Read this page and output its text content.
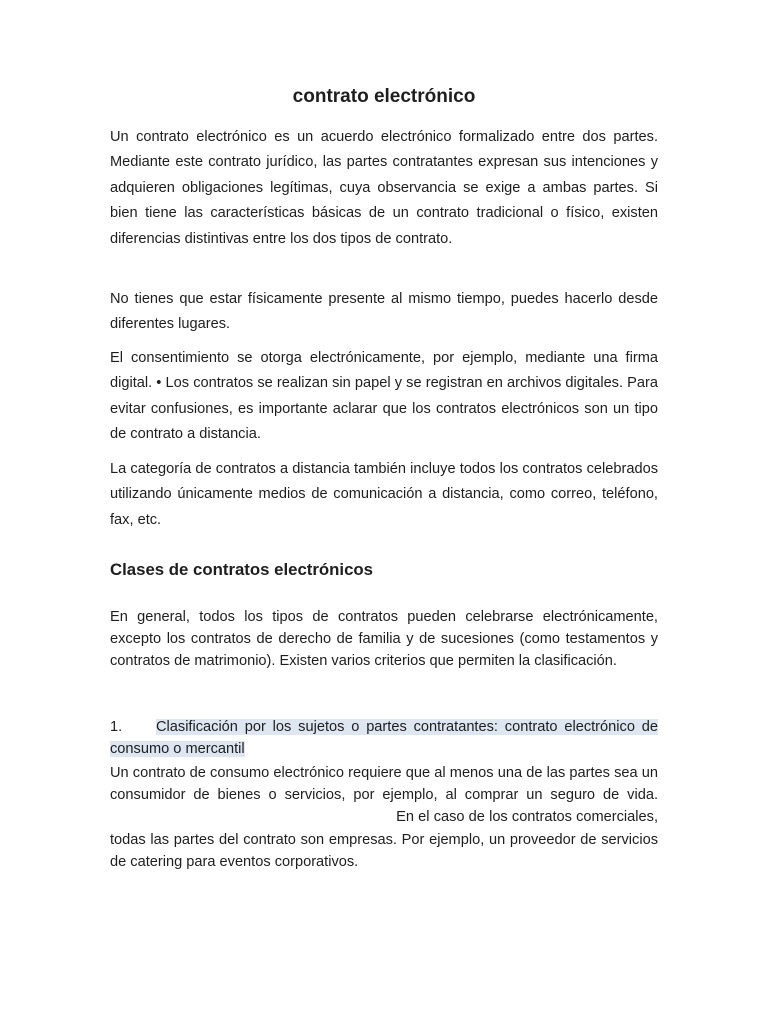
contrato electrónico

Un contrato electrónico es un acuerdo electrónico formalizado entre dos partes. Mediante este contrato jurídico, las partes contratantes expresan sus intenciones y adquieren obligaciones legítimas, cuya observancia se exige a ambas partes. Si bien tiene las características básicas de un contrato tradicional o físico, existen diferencias distintivas entre los dos tipos de contrato.

No tienes que estar físicamente presente al mismo tiempo, puedes hacerlo desde diferentes lugares.

El consentimiento se otorga electrónicamente, por ejemplo, mediante una firma digital. • Los contratos se realizan sin papel y se registran en archivos digitales. Para evitar confusiones, es importante aclarar que los contratos electrónicos son un tipo de contrato a distancia.

La categoría de contratos a distancia también incluye todos los contratos celebrados utilizando únicamente medios de comunicación a distancia, como correo, teléfono, fax, etc.

Clases de contratos electrónicos

En general, todos los tipos de contratos pueden celebrarse electrónicamente, excepto los contratos de derecho de familia y de sucesiones (como testamentos y contratos de matrimonio). Existen varios criterios que permiten la clasificación.

1. Clasificación por los sujetos o partes contratantes: contrato electrónico de consumo o mercantil

Un contrato de consumo electrónico requiere que al menos una de las partes sea un consumidor de bienes o servicios, por ejemplo, al comprar un seguro de vida.  En el caso de los contratos comerciales, todas las partes del contrato son empresas. Por ejemplo, un proveedor de servicios de catering para eventos corporativos.
